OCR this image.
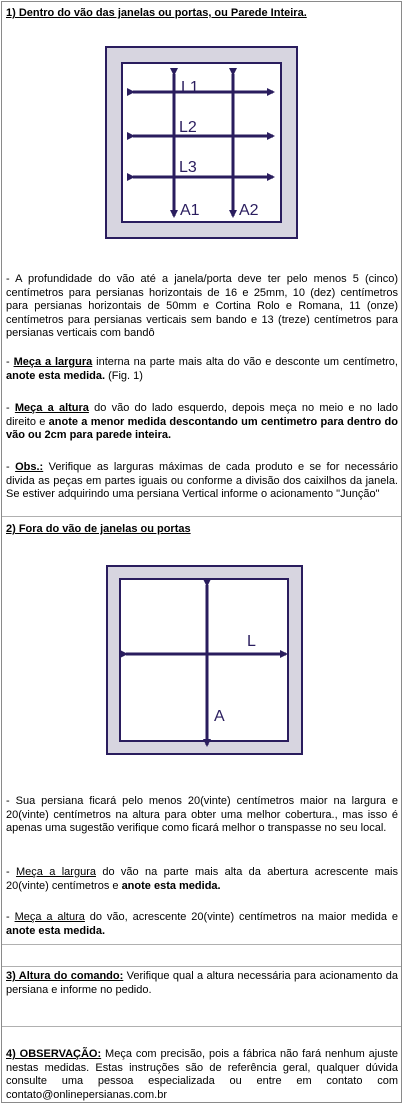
1) Dentro do vão das janelas ou portas, ou Parede Inteira.
L1
L2
L3
A1 A2

- A profundidade do vão até a janela/porta deve ter pelo menos 5 (cinco) centímetros para persianas horizontais de 16 e 25mm, 10 (dez) centímetros para persianas horizontais de 50mm e Cortina Rolo e Romana, 11 (onze) centímetros para persianas verticais sem bando e 13 (treze) centímetros para persianas verticais com bandô

- Meça a largura interna na parte mais alta do vão e desconte um centímetro, anote esta medida. (Fig. 1)

- Meça a altura do vão do lado esquerdo, depois meça no meio e no lado direito e anote a menor medida descontando um centimetro para dentro do vão ou 2cm para parede inteira.

- Obs.: Verifique as larguras máximas de cada produto e se for necessário divida as peças em partes iguais ou conforme a divisão dos caixilhos da janela. Se estiver adquirindo uma persiana Vertical informe o acionamento "Junção"

2) Fora do vão de janelas ou portas
L
A

- Sua persiana ficará pelo menos 20(vinte) centímetros maior na largura e 20(vinte) centímetros na altura para obter uma melhor cobertura., mas isso é apenas uma sugestão verifique como ficará melhor o transpasse no seu local.

- Meça a largura do vão na parte mais alta da abertura acrescente mais 20(vinte) centímetros e anote esta medida.

- Meça a altura do vão, acrescente 20(vinte) centímetros na maior medida e anote esta medida.

3) Altura do comando: Verifique qual a altura necessária para acionamento da persiana e informe no pedido.

4) OBSERVAÇÃO: Meça com precisão, pois a fábrica não fará nenhum ajuste nestas medidas. Estas instruções são de referência geral, qualquer dúvida consulte uma pessoa especializada ou entre em contato com contato@onlinepersianas.com.br
